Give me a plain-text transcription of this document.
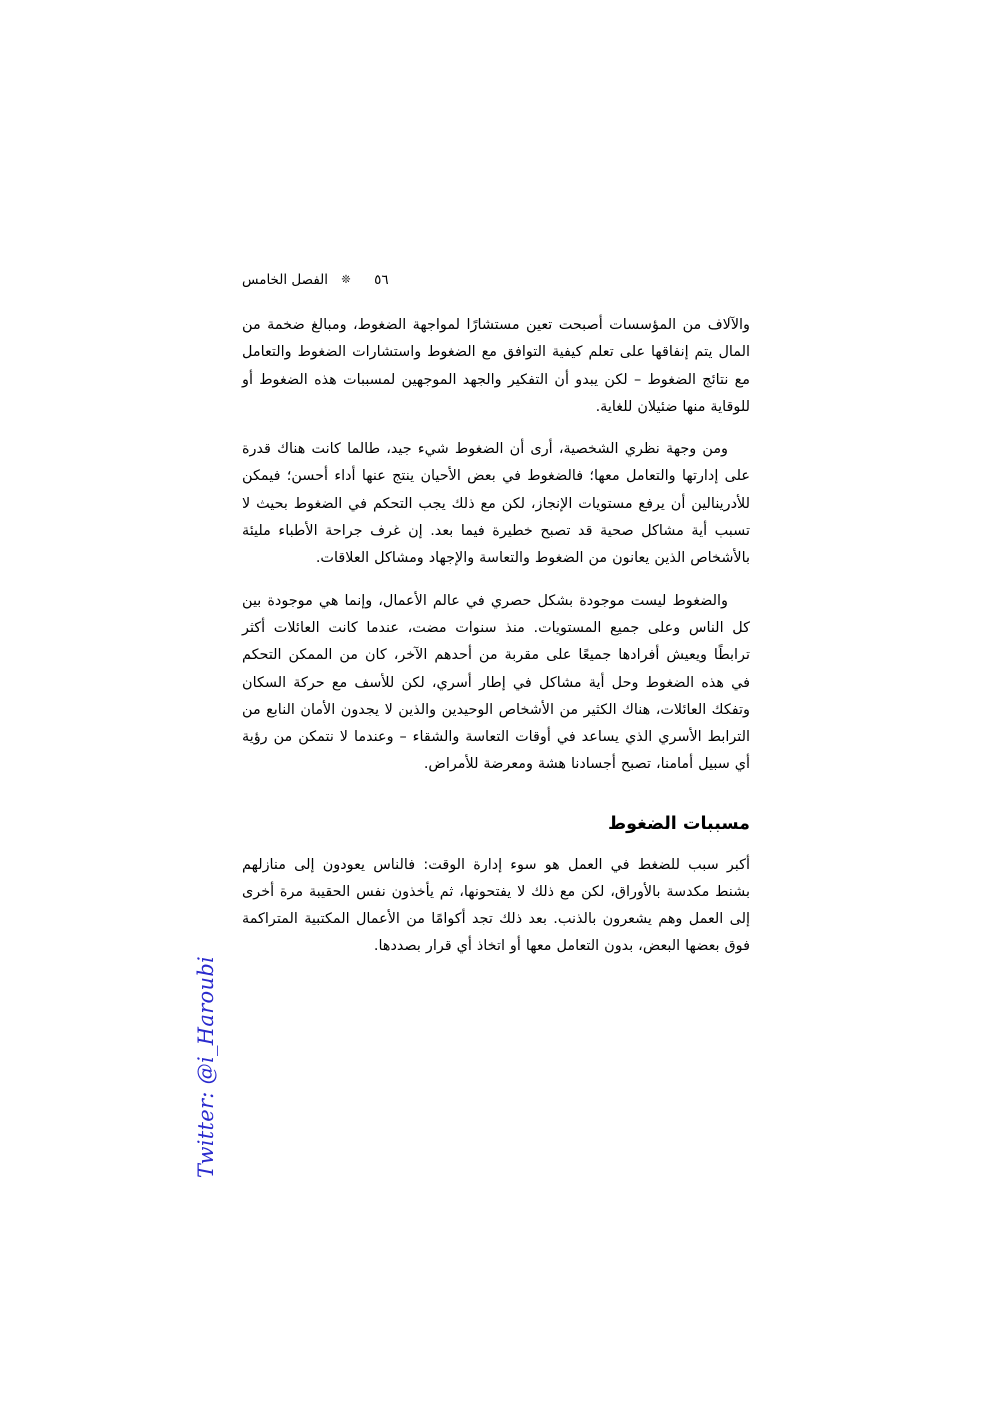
٥٦ ❊ الفصل الخامس

والآلاف من المؤسسات أصبحت تعين مستشارًا لمواجهة الضغوط، ومبالغ ضخمة من المال يتم إنفاقها على تعلم كيفية التوافق مع الضغوط واستشارات الضغوط والتعامل مع نتائج الضغوط – لكن يبدو أن التفكير والجهد الموجهين لمسببات هذه الضغوط أو للوقاية منها ضئيلان للغاية.

ومن وجهة نظري الشخصية، أرى أن الضغوط شيء جيد، طالما كانت هناك قدرة على إدارتها والتعامل معها؛ فالضغوط في بعض الأحيان ينتج عنها أداء أحسن؛ فيمكن للأدرينالين أن يرفع مستويات الإنجاز، لكن مع ذلك يجب التحكم في الضغوط بحيث لا تسبب أية مشاكل صحية قد تصبح خطيرة فيما بعد. إن غرف جراحة الأطباء مليئة بالأشخاص الذين يعانون من الضغوط والتعاسة والإجهاد ومشاكل العلاقات.

والضغوط ليست موجودة بشكل حصري في عالم الأعمال، وإنما هي موجودة بين كل الناس وعلى جميع المستويات. منذ سنوات مضت، عندما كانت العائلات أكثر ترابطًا ويعيش أفرادها جميعًا على مقربة من أحدهم الآخر، كان من الممكن التحكم في هذه الضغوط وحل أية مشاكل في إطار أسري، لكن للأسف مع حركة السكان وتفكك العائلات، هناك الكثير من الأشخاص الوحيدين والذين لا يجدون الأمان النابع من الترابط الأسري الذي يساعد في أوقات التعاسة والشقاء – وعندما لا نتمكن من رؤية أي سبيل أمامنا، تصبح أجسادنا هشة ومعرضة للأمراض.

مسببات الضغوط

أكبر سبب للضغط في العمل هو سوء إدارة الوقت: فالناس يعودون إلى منازلهم بشنط مكدسة بالأوراق، لكن مع ذلك لا يفتحونها، ثم يأخذون نفس الحقيبة مرة أخرى إلى العمل وهم يشعرون بالذنب. بعد ذلك تجد أكوامًا من الأعمال المكتبية المتراكمة فوق بعضها البعض، بدون التعامل معها أو اتخاذ أي قرار بصددها.

Twitter: @i_Haroubi
